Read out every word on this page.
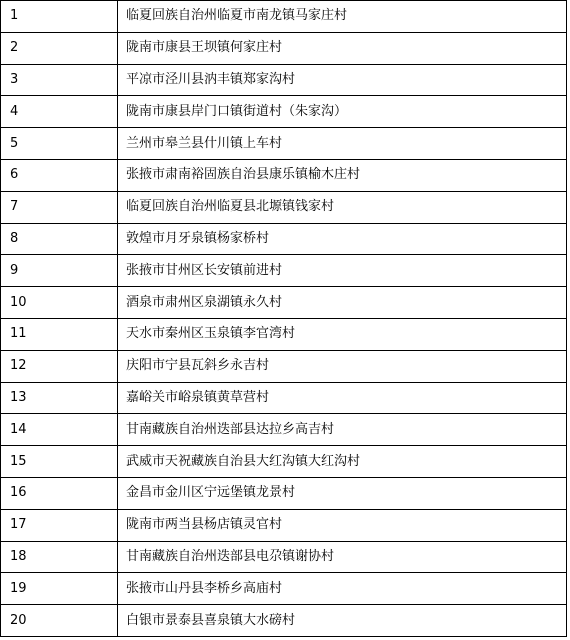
1	临夏回族自治州临夏市南龙镇马家庄村
2	陇南市康县王坝镇何家庄村
3	平凉市泾川县汭丰镇郑家沟村
4	陇南市康县岸门口镇街道村（朱家沟）
5	兰州市皋兰县什川镇上车村
6	张掖市肃南裕固族自治县康乐镇榆木庄村
7	临夏回族自治州临夏县北塬镇钱家村
8	敦煌市月牙泉镇杨家桥村
9	张掖市甘州区长安镇前进村
10	酒泉市肃州区泉湖镇永久村
11	天水市秦州区玉泉镇李官湾村
12	庆阳市宁县瓦斜乡永吉村
13	嘉峪关市峪泉镇黄草营村
14	甘南藏族自治州迭部县达拉乡高吉村
15	武威市天祝藏族自治县大红沟镇大红沟村
16	金昌市金川区宁远堡镇龙景村
17	陇南市两当县杨店镇灵官村
18	甘南藏族自治州迭部县电尕镇谢协村
19	张掖市山丹县李桥乡高庙村
20	白银市景泰县喜泉镇大水磅村
